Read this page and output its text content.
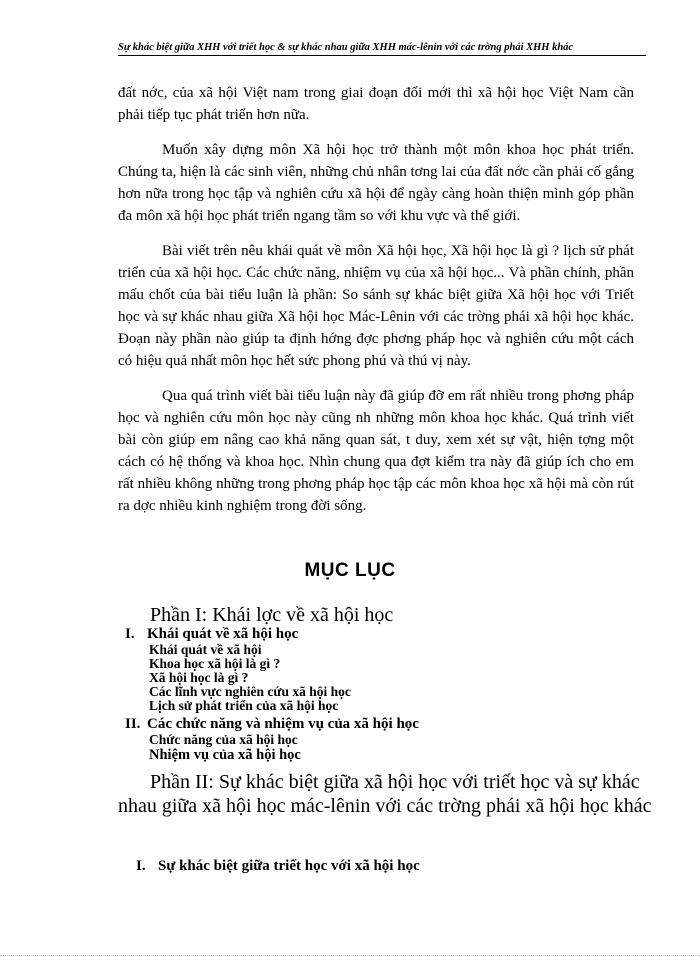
Sự khác biệt giữa XHH với triết học & sự khác nhau giữa XHH mác-lênin với các trờng phái XHH khác

đất nớc, của xã hội Việt nam trong giai đoạn đổi mới thì xã hội học Việt Nam cần phải tiếp tục phát triển hơn nữa.

Muốn xây dựng môn Xã hội học trở thành một môn khoa học phát triển. Chúng ta, hiện là các sinh viên, những chủ nhân tơng lai của đất nớc cần phải cố gắng hơn nữa trong học tập và nghiên cứu xã hội để ngày càng hoàn thiện mình góp phần đa môn xã hội học phát triển ngang tầm so với khu vực và thế giới.

Bài viết trên nêu khái quát về môn Xã hội học, Xã hội học là gì ? lịch sử phát triển của xã hội học. Các chức năng, nhiệm vụ của xã hội học... Và phần chính, phần mấu chốt của bài tiểu luận là phần: So sánh sự khác biệt giữa Xã hội học với Triết học và sự khác nhau giữa Xã hội học Mác-Lênin với các trờng phái xã hội học khác. Đoạn này phần nào giúp ta định hớng đợc phơng pháp học và nghiên cứu một cách có hiệu quả nhất môn học hết sức phong phú và thú vị này.

Qua quá trình viết bài tiểu luận này đã giúp đỡ em rất nhiều trong phơng pháp học và nghiên cứu môn học này cũng nh những môn khoa học khác. Quá trình viết bài còn giúp em nâng cao khả năng quan sát, t duy, xem xét sự vật, hiện tợng một cách có hệ thống và khoa học. Nhìn chung qua đợt kiểm tra này đã giúp ích cho em rất nhiều không những trong phơng pháp học tập các môn khoa học xã hội mà còn rút ra dợc nhiều kinh nghiệm trong đời sống.

MỤC LỤC
Phần I: Khái lợc về xã hội học
I. Khái quát về xã hội học
Khái quát về xã hội
Khoa học xã hội là gì ?
Xã hội học là gì ?
Các lĩnh vực nghiên cứu xã hội học
Lịch sử phát triển của xã hội học
II. Các chức năng và nhiệm vụ của xã hội học
Chức năng của xã hội học
Nhiệm vụ của xã hội học
Phần II: Sự khác biệt giữa xã hội học với triết học và sự khác nhau giữa xã hội học mác-lênin với các trờng phái xã hội học khác
I. Sự khác biệt giữa triết học với xã hội học
